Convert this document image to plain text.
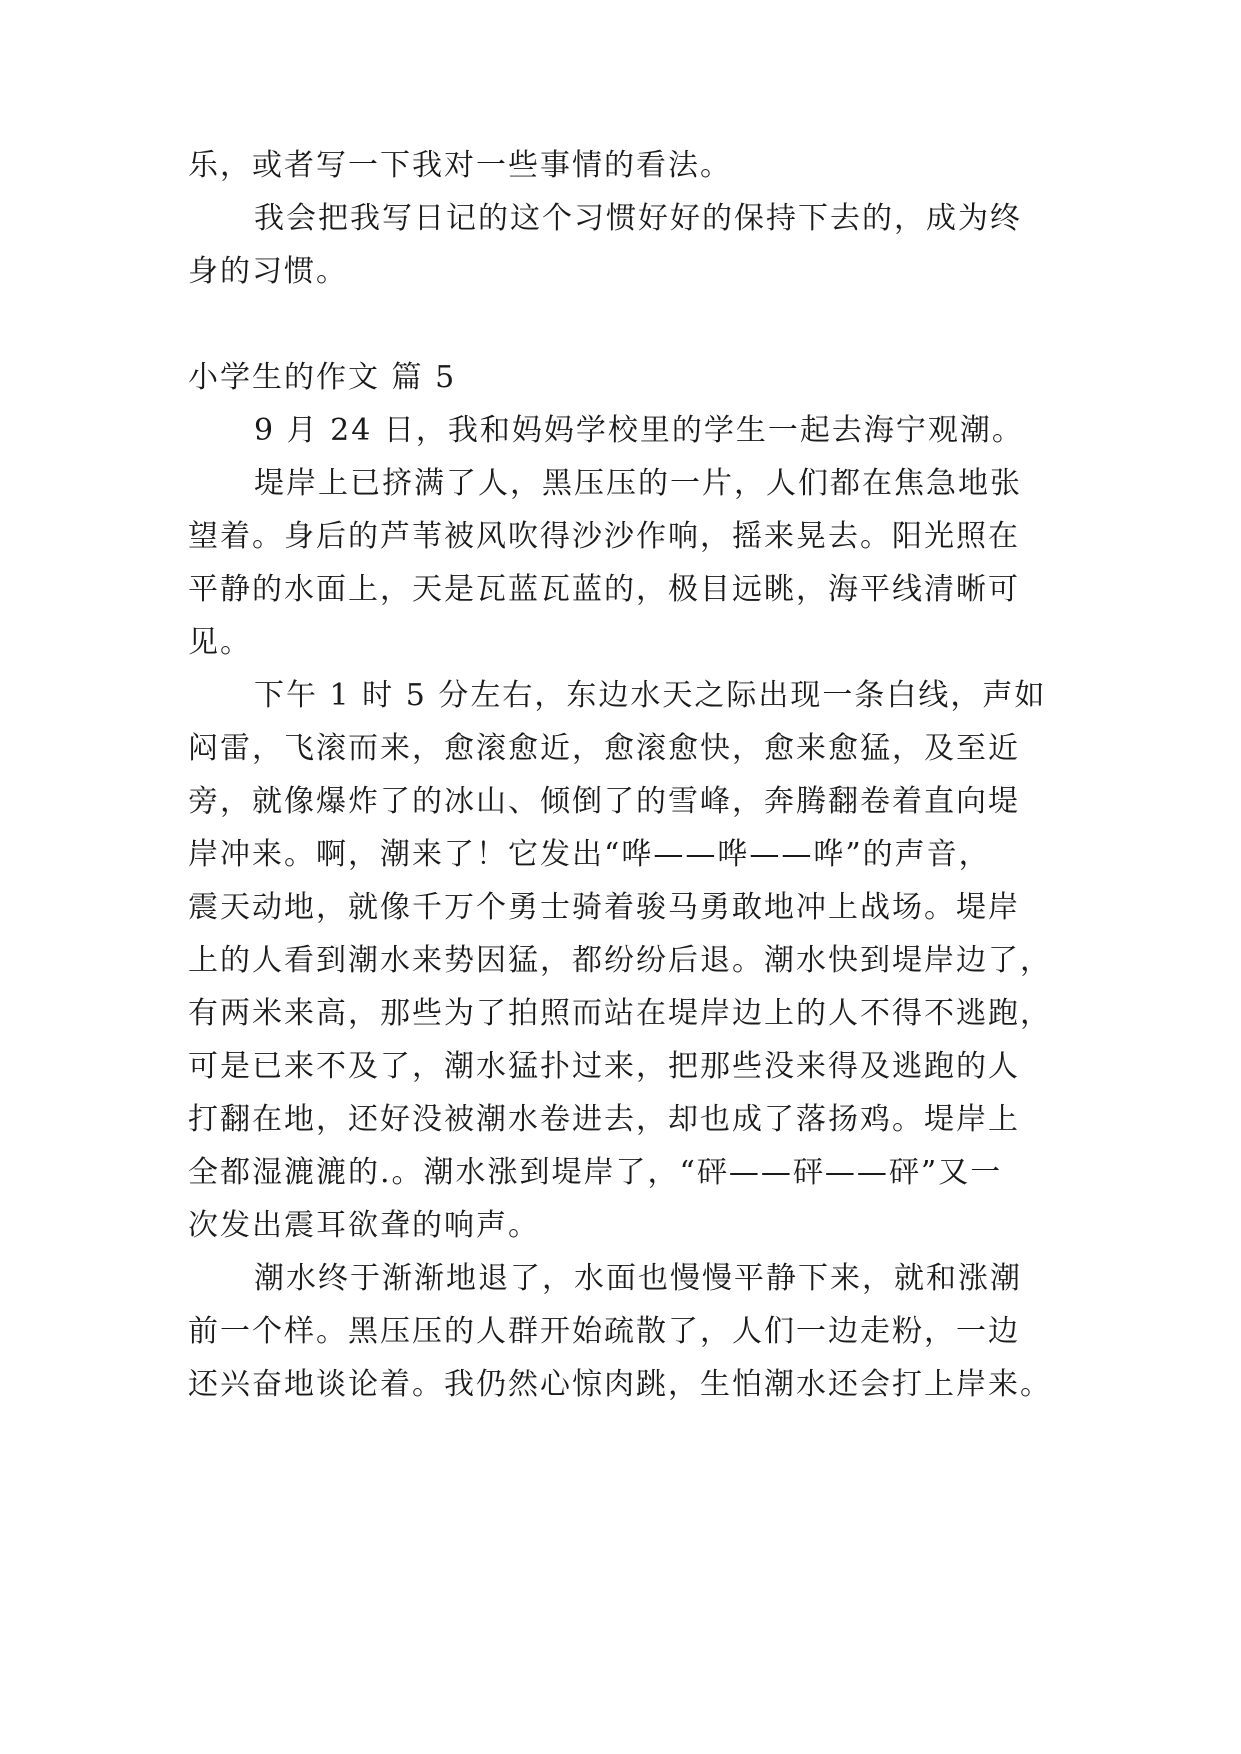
乐，或者写一下我对一些事情的看法。
我会把我写日记的这个习惯好好的保持下去的，成为终
身的习惯。
小学生的作文 篇 5
9 月 24 日，我和妈妈学校里的学生一起去海宁观潮。
堤岸上已挤满了人，黑压压的一片，人们都在焦急地张
望着。身后的芦苇被风吹得沙沙作响，摇来晃去。阳光照在
平静的水面上，天是瓦蓝瓦蓝的，极目远眺，海平线清晰可
见。
下午 1 时 5 分左右，东边水天之际出现一条白线，声如
闷雷，飞滚而来，愈滚愈近，愈滚愈快，愈来愈猛，及至近
旁，就像爆炸了的冰山、倾倒了的雪峰，奔腾翻卷着直向堤
岸冲来。啊，潮来了！它发出“哗——哗——哗”的声音，
震天动地，就像千万个勇士骑着骏马勇敢地冲上战场。堤岸
上的人看到潮水来势因猛，都纷纷后退。潮水快到堤岸边了，
有两米来高，那些为了拍照而站在堤岸边上的人不得不逃跑，
可是已来不及了，潮水猛扑过来，把那些没来得及逃跑的人
打翻在地，还好没被潮水卷进去，却也成了落扬鸡。堤岸上
全都湿漉漉的.。潮水涨到堤岸了，“砰——砰——砰”又一
次发出震耳欲聋的响声。
潮水终于渐渐地退了，水面也慢慢平静下来，就和涨潮
前一个样。黑压压的人群开始疏散了，人们一边走粉，一边
还兴奋地谈论着。我仍然心惊肉跳，生怕潮水还会打上岸来。
